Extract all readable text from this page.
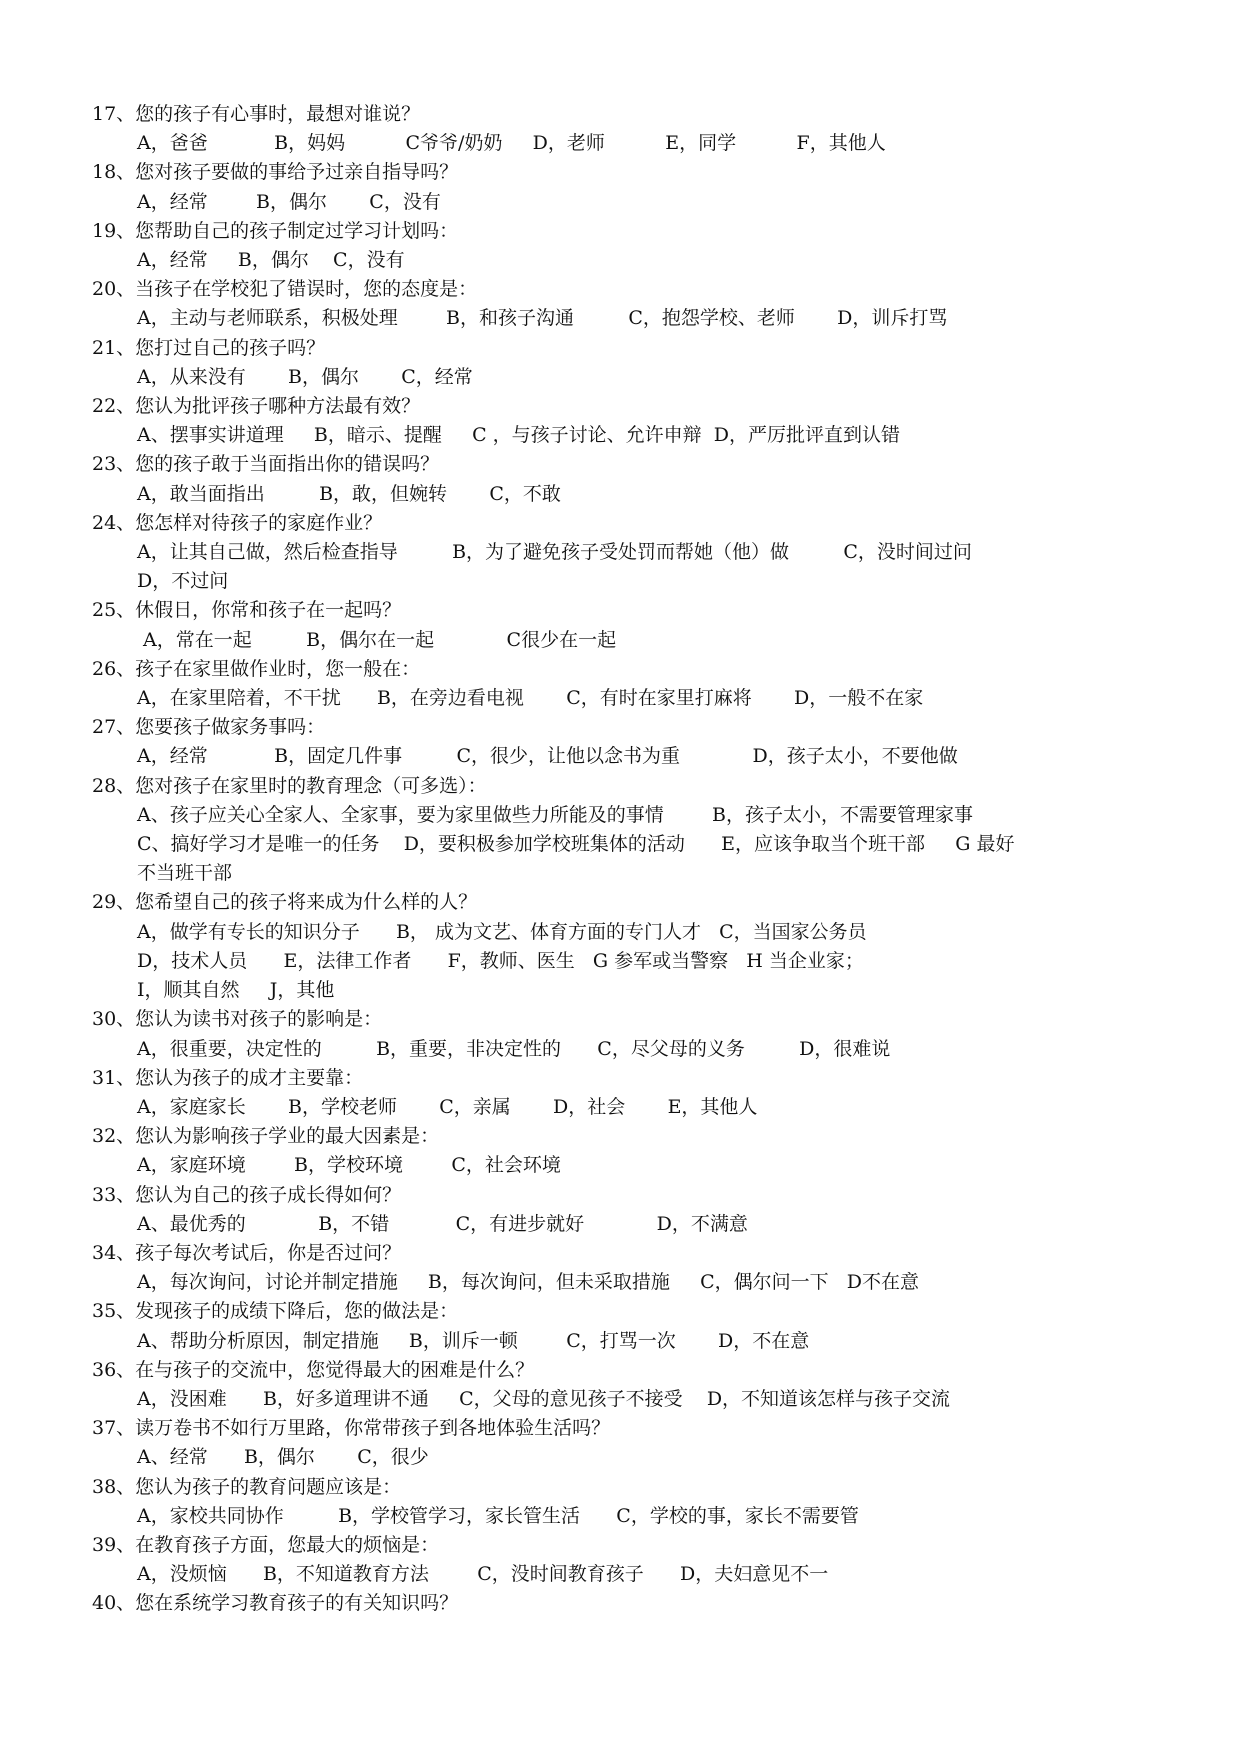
17、您的孩子有心事时，最想对谁说？
A，爸爸           B，妈妈          C爷爷/奶奶     D，老师          E，同学          F，其他人
18、您对孩子要做的事给予过亲自指导吗？
A，经常        B，偶尔       C，没有
19、您帮助自己的孩子制定过学习计划吗：
A，经常     B，偶尔    C，没有
20、当孩子在学校犯了错误时，您的态度是：
A，主动与老师联系，积极处理        B，和孩子沟通         C，抱怨学校、老师       D，训斥打骂
21、您打过自己的孩子吗？
A，从来没有       B，偶尔       C，经常
22、您认为批评孩子哪种方法最有效？
A、摆事实讲道理     B，暗示、提醒     C ，与孩子讨论、允许申辩  D，严厉批评直到认错
23、您的孩子敢于当面指出你的错误吗？
A，敢当面指出         B，敢，但婉转       C，不敢
24、您怎样对待孩子的家庭作业？
A，让其自己做，然后检查指导         B，为了避免孩子受处罚而帮她（他）做         C，没时间过问
D，不过问
25、休假日，你常和孩子在一起吗？
A，常在一起         B，偶尔在一起            C很少在一起
26、孩子在家里做作业时，您一般在：
A，在家里陪着，不干扰      B，在旁边看电视       C，有时在家里打麻将       D，一般不在家
27、您要孩子做家务事吗：
A，经常           B，固定几件事         C，很少，让他以念书为重            D，孩子太小，不要他做
28、您对孩子在家里时的教育理念（可多选）：
A、孩子应关心全家人、全家事，要为家里做些力所能及的事情        B，孩子太小，不需要管理家事
C、搞好学习才是唯一的任务    D，要积极参加学校班集体的活动      E，应该争取当个班干部     G 最好
不当班干部
29、您希望自己的孩子将来成为什么样的人？
A，做学有专长的知识分子      B， 成为文艺、体育方面的专门人才   C，当国家公务员
D，技术人员      E，法律工作者      F，教师、医生   G 参军或当警察   H 当企业家；
I，顺其自然     J，其他
30、您认为读书对孩子的影响是：
A，很重要，决定性的         B，重要，非决定性的      C，尽父母的义务         D，很难说
31、您认为孩子的成才主要靠：
A，家庭家长       B，学校老师       C，亲属       D，社会       E，其他人
32、您认为影响孩子学业的最大因素是：
A，家庭环境        B，学校环境        C，社会环境
33、您认为自己的孩子成长得如何？
A、最优秀的            B，不错           C，有进步就好            D，不满意
34、孩子每次考试后，你是否过问？
A，每次询问，讨论并制定措施     B，每次询问，但未采取措施     C，偶尔问一下   D不在意
35、发现孩子的成绩下降后，您的做法是：
A、帮助分析原因，制定措施     B，训斥一顿        C，打骂一次       D，不在意
36、在与孩子的交流中，您觉得最大的困难是什么？
A，没困难      B，好多道理讲不通     C，父母的意见孩子不接受    D，不知道该怎样与孩子交流
37、读万卷书不如行万里路，你常带孩子到各地体验生活吗？
A、经常      B，偶尔       C，很少
38、您认为孩子的教育问题应该是：
A，家校共同协作         B，学校管学习，家长管生活      C，学校的事，家长不需要管
39、在教育孩子方面，您最大的烦恼是：
A，没烦恼      B，不知道教育方法        C，没时间教育孩子      D，夫妇意见不一
40、您在系统学习教育孩子的有关知识吗？
